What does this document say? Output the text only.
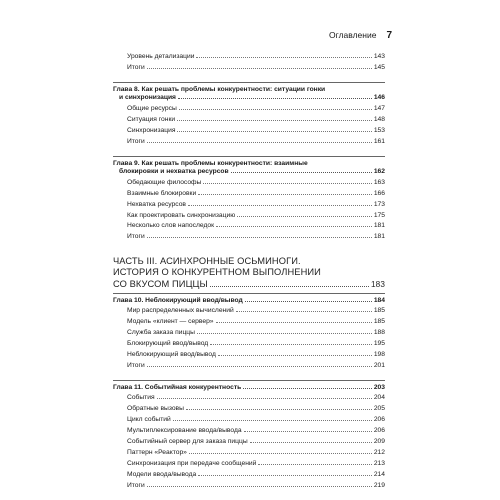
Оглавление 7
Уровень детализации	143
Итоги	145
Глава 8. Как решать проблемы конкурентности: ситуации гонки
и синхронизация	146
Общие ресурсы	147
Ситуация гонки	148
Синхронизация	153
Итоги	161
Глава 9. Как решать проблемы конкурентности: взаимные
блокировки и нехватка ресурсов	162
Обедающие философы	163
Взаимные блокировки	166
Нехватка ресурсов	173
Как проектировать синхронизацию	175
Несколько слов напоследок	181
Итоги	181
ЧАСТЬ III. АСИНХРОННЫЕ ОСЬМИНОГИ.
ИСТОРИЯ О КОНКУРЕНТНОМ ВЫПОЛНЕНИИ
СО ВКУСОМ ПИЦЦЫ	183
Глава 10. Неблокирующий ввод/вывод	184
Мир распределенных вычислений	185
Модель «клиент — сервер»	185
Служба заказа пиццы	188
Блокирующий ввод/вывод	195
Неблокирующий ввод/вывод	198
Итоги	201
Глава 11. Событийная конкурентность	203
События	204
Обратные вызовы	205
Цикл событий	206
Мультиплексирование ввода/вывода	206
Событийный сервер для заказа пиццы	209
Паттерн «Реактор»	212
Синхронизация при передаче сообщений	213
Модели ввода/вывода	214
Итоги	219
